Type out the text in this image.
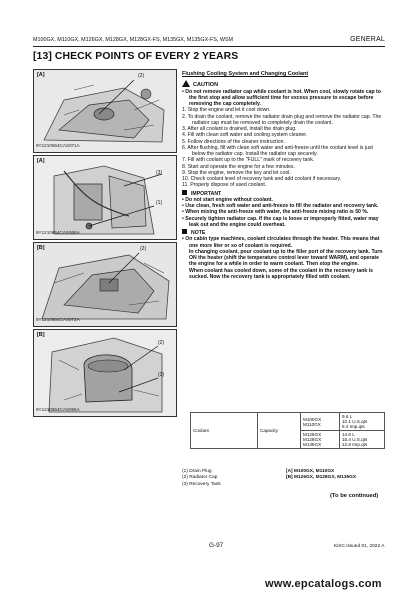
M100GX, M110GX, M126GX, M128GX, M128GX-FS, M135GX, M135GX-FS, WSM	GENERAL
[13] CHECK POINTS OF EVERY 2 YEARS
[A]	(2)
9Y1210664CAS071A
[A]
(3)
(1)
9Y1210664CAS066A
[B]	(2)
9Y1210664CAS072A
[B]
(2)
(3)
9Y1210664CAS066A

Flushing Cooling System and Changing Coolant

CAUTION

• Do not remove radiator cap while coolant is hot. When cool, slowly rotate cap to the first stop and allow sufficient time for excess pressure to escape before removing the cap completely.

1. Stop the engine and let it cool down.

2. To drain the coolant, remove the radiator drain plug and remove the radiator cap. The radiator cap must be removed to completely drain the coolant.

3. After all coolant is drained, install the drain plug.

4. Fill with clean soft water and cooling system cleaner.

5. Follow directions of the cleaner instruction.

6. After flushing, fill with clean soft water and anti-freeze until the coolant level is just below the radiator cap. Install the radiator cap securely.

7. Fill with coolant up to the "FULL" mark of recovery tank.

8. Start and operate the engine for a few minutes.

9. Stop the engine, remove the key and let cool.

10. Check coolant level of recovery tank and add coolant if necessary.

11. Properly dispose of used coolant.

IMPORTANT

• Do not start engine without coolant.

• Use clean, fresh soft water and anti-freeze to fill the radiator and recovery tank.

• When mixing the anti-freeze with water, the anti-freeze mixing ratio is 50 %.

• Securely tighten radiator cap. If the cap is loose or improperly fitted, water may leak out and the engine could overheat.

NOTE

• On cabin type machines, coolant circulates through the heater. This means that one more liter or so of coolant is required.
In changing coolant, pour coolant up to the filler port of the recovery tank. Turn ON the heater (shift the temperature control lever toward WARM), and operate the engine for a while in order to warm coolant. Then stop the engine.
When coolant has cooled down, some of the coolant in the recovery tank is sucked. Now the recovery tank is appropriately filled with coolant.

Coolant	Capacity	M100GX
M110GX	9.6 L
10.1 U.S.qts
8.4 Imp.qts
		M126GX
M128GX
M135GX	14.6 L
15.4 U.S.qts
12.8 Imp.qts
(1) Drain Plug
(2) Radiator Cap
(3) Recovery Tank
[A] M100GX, M110GX
[B] M126GX, M128GX, M135GX
(To be continued)
G-97	KiSC issued 01, 2022 A
www.epcatalogs.com
